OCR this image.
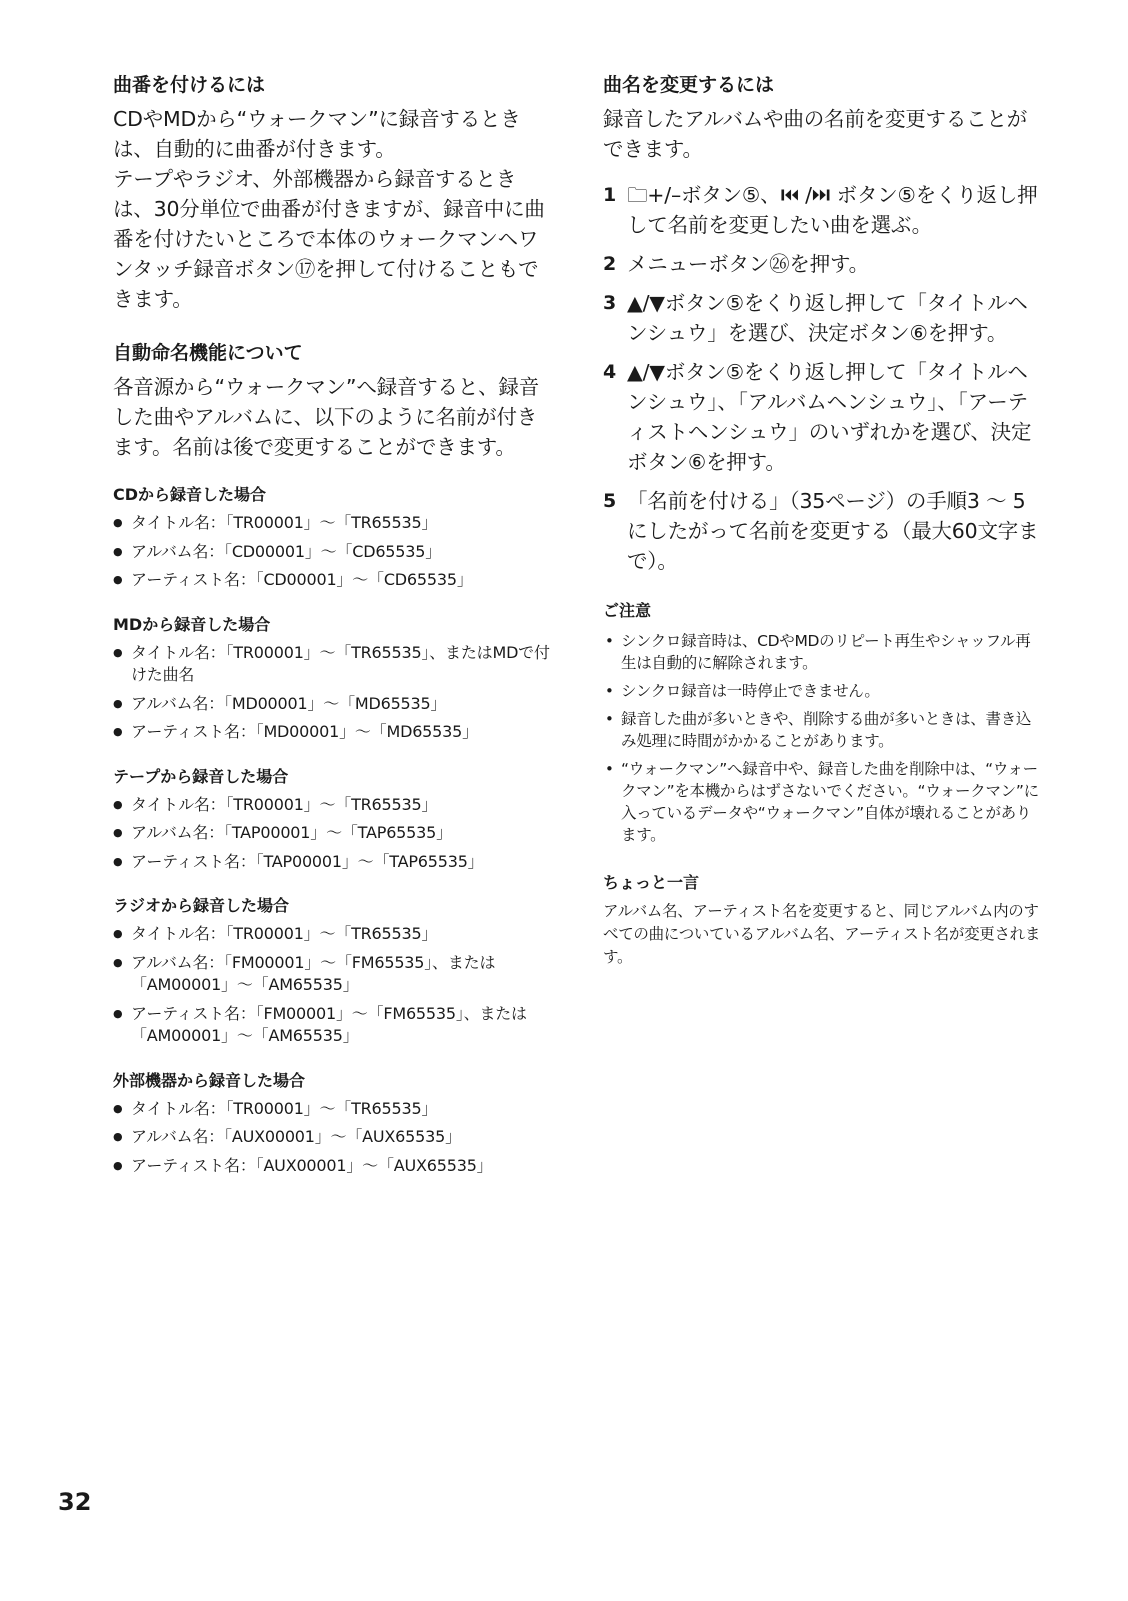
曲番を付けるには

CDやMDから“ウォークマン”に録音するときは、自動的に曲番が付きます。

テープやラジオ、外部機器から録音するときは、30分単位で曲番が付きますが、録音中に曲番を付けたいところで本体のウォークマンヘワンタッチ録音ボタン⑰を押して付けることもできます。

自動命名機能について

各音源から“ウォークマン”へ録音すると、録音した曲やアルバムに、以下のように名前が付きます。名前は後で変更することができます。

CDから録音した場合
● タイトル名：「TR00001」～「TR65535」
● アルバム名：「CD00001」～「CD65535」
● アーティスト名：「CD00001」～「CD65535」
MDから録音した場合
● タイトル名：「TR00001」～「TR65535」、またはMDで付けた曲名
● アルバム名：「MD00001」～「MD65535」
● アーティスト名：「MD00001」～「MD65535」
テープから録音した場合
● タイトル名：「TR00001」～「TR65535」
● アルバム名：「TAP00001」～「TAP65535」
● アーティスト名：「TAP00001」～「TAP65535」
ラジオから録音した場合
● タイトル名：「TR00001」～「TR65535」
● アルバム名：「FM00001」～「FM65535」、または「AM00001」～「AM65535」
● アーティスト名：「FM00001」～「FM65535」、または「AM00001」～「AM65535」
外部機器から録音した場合
● タイトル名：「TR00001」～「TR65535」
● アルバム名：「AUX00001」～「AUX65535」
● アーティスト名：「AUX00001」～「AUX65535」
曲名を変更するには

録音したアルバムや曲の名前を変更することができます。

1 🗀+/–ボタン⑤、⏮ /⏭ ボタン⑤をくり返し押して名前を変更したい曲を選ぶ。
2 メニューボタン㉖を押す。
3 ▲/▼ボタン⑤をくり返し押して「タイトルヘンシュウ」を選び、決定ボタン⑥を押す。
4 ▲/▼ボタン⑤をくり返し押して「タイトルヘンシュウ」、「アルバムヘンシュウ」、「アーティストヘンシュウ」のいずれかを選び、決定ボタン⑥を押す。
5 「名前を付ける」（35ページ）の手順3 ～ 5にしたがって名前を変更する（最大60文字まで）。
ご注意
• シンクロ録音時は、CDやMDのリピート再生やシャッフル再生は自動的に解除されます。
• シンクロ録音は一時停止できません。
• 録音した曲が多いときや、削除する曲が多いときは、書き込み処理に時間がかかることがあります。
• “ウォークマン”へ録音中や、録音した曲を削除中は、“ウォークマン”を本機からはずさないでください。“ウォークマン”に入っているデータや“ウォークマン”自体が壊れることがあります。
ちょっと一言

アルバム名、アーティスト名を変更すると、同じアルバム内のすべての曲についているアルバム名、アーティスト名が変更されます。

32
